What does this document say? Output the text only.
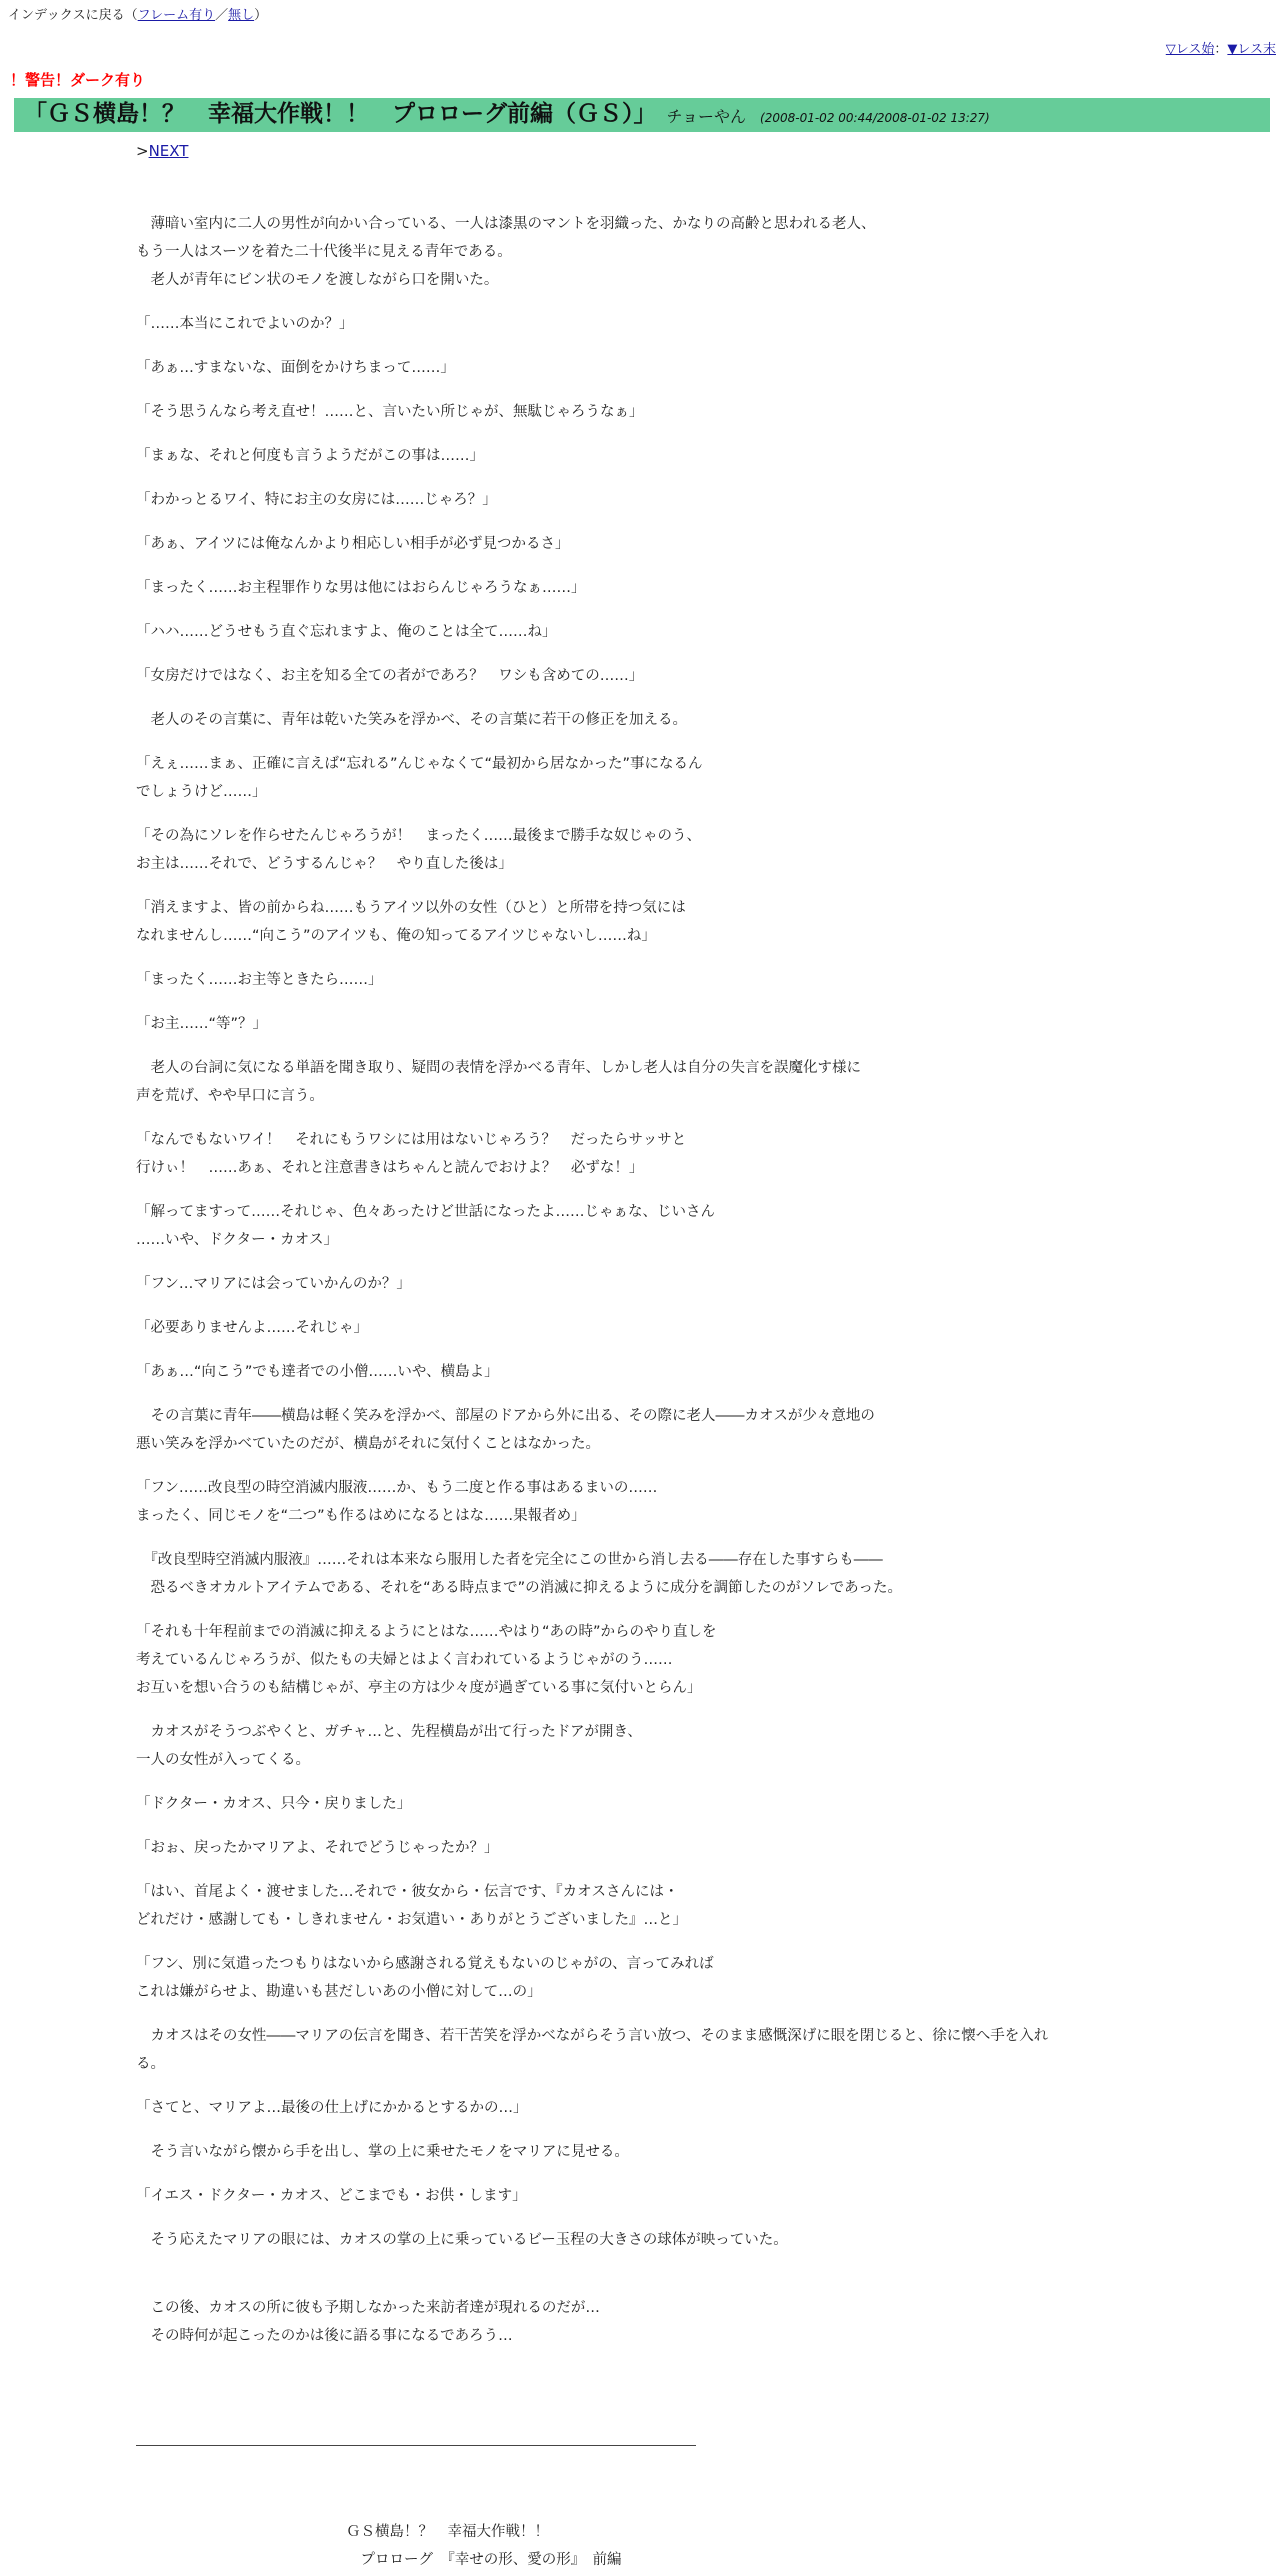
インデックスに戻る（フレーム有り／無し）
▽レス始：▼レス末
！警告！ダーク有り
「ＧＳ横島！？　幸福大作戦！！　プロローグ前編（ＧＳ）」 チョーやん (2008-01-02 00:44/2008-01-02 13:27)
>NEXT

　薄暗い室内に二人の男性が向かい合っている、一人は漆黒のマントを羽織った、かなりの高齢と思われる老人、
もう一人はスーツを着た二十代後半に見える青年である。
　老人が青年にビン状のモノを渡しながら口を開いた。

「……本当にこれでよいのか？」

「あぁ…すまないな、面倒をかけちまって……」

「そう思うんなら考え直せ！……と、言いたい所じゃが、無駄じゃろうなぁ」

「まぁな、それと何度も言うようだがこの事は……」

「わかっとるワイ、特にお主の女房には……じゃろ？」

「あぁ、アイツには俺なんかより相応しい相手が必ず見つかるさ」

「まったく……お主程罪作りな男は他にはおらんじゃろうなぁ……」

「ハハ……どうせもう直ぐ忘れますよ、俺のことは全て……ね」

「女房だけではなく、お主を知る全ての者がであろ？　ワシも含めての……」

　老人のその言葉に、青年は乾いた笑みを浮かべ、その言葉に若干の修正を加える。

「えぇ……まぁ、正確に言えば“忘れる”んじゃなくて“最初から居なかった”事になるん
でしょうけど……」

「その為にソレを作らせたんじゃろうが！　まったく……最後まで勝手な奴じゃのう、
お主は……それで、どうするんじゃ？　やり直した後は」

「消えますよ、皆の前からね……もうアイツ以外の女性（ひと）と所帯を持つ気には
なれませんし……“向こう”のアイツも、俺の知ってるアイツじゃないし……ね」

「まったく……お主等ときたら……」

「お主……“等”？」

　老人の台詞に気になる単語を聞き取り、疑問の表情を浮かべる青年、しかし老人は自分の失言を誤魔化す様に
声を荒げ、やや早口に言う。

「なんでもないワイ！　それにもうワシには用はないじゃろう？　だったらサッサと
行けぃ！　……あぁ、それと注意書きはちゃんと読んでおけよ？　必ずな！」

「解ってますって……それじゃ、色々あったけど世話になったよ……じゃぁな、じいさん
……いや、ドクター・カオス」

「フン…マリアには会っていかんのか？」

「必要ありませんよ……それじゃ」

「あぁ…“向こう”でも達者での小僧……いや、横島よ」

　その言葉に青年――横島は軽く笑みを浮かべ、部屋のドアから外に出る、その際に老人――カオスが少々意地の
悪い笑みを浮かべていたのだが、横島がそれに気付くことはなかった。

「フン……改良型の時空消滅内服液……か、もう二度と作る事はあるまいの……
まったく、同じモノを“二つ”も作るはめになるとはな……果報者め」

　『改良型時空消滅内服液』……それは本来なら服用した者を完全にこの世から消し去る――存在した事すらも――
　恐るべきオカルトアイテムである、それを“ある時点まで”の消滅に抑えるように成分を調節したのがソレであった。

「それも十年程前までの消滅に抑えるようにとはな……やはり“あの時”からのやり直しを
考えているんじゃろうが、似たもの夫婦とはよく言われているようじゃがのう……
お互いを想い合うのも結構じゃが、亭主の方は少々度が過ぎている事に気付いとらん」

　カオスがそうつぶやくと、ガチャ…と、先程横島が出て行ったドアが開き、
一人の女性が入ってくる。

「ドクター・カオス、只今・戻りました」

「おぉ、戻ったかマリアよ、それでどうじゃったか？」

「はい、首尾よく・渡せました…それで・彼女から・伝言です、『カオスさんには・
どれだけ・感謝しても・しきれません・お気遣い・ありがとうございました』…と」

「フン、別に気遣ったつもりはないから感謝される覚えもないのじゃがの、言ってみれば
これは嫌がらせよ、勘違いも甚だしいあの小僧に対して…の」

　カオスはその女性――マリアの伝言を聞き、若干苦笑を浮かべながらそう言い放つ、そのまま感慨深げに眼を閉じると、徐に懐へ手を入れ
る。

「さてと、マリアよ…最後の仕上げにかかるとするかの…」

　そう言いながら懐から手を出し、掌の上に乗せたモノをマリアに見せる。

「イエス・ドクター・カオス、どこまでも・お供・します」

　そう応えたマリアの眼には、カオスの掌の上に乗っているビー玉程の大きさの球体が映っていた。

　この後、カオスの所に彼も予期しなかった来訪者達が現れるのだが…
　その時何が起こったのかは後に語る事になるであろう…

ＧＳ横島！？　幸福大作戦！！
　プロローグ　『幸せの形、愛の形』　前編
